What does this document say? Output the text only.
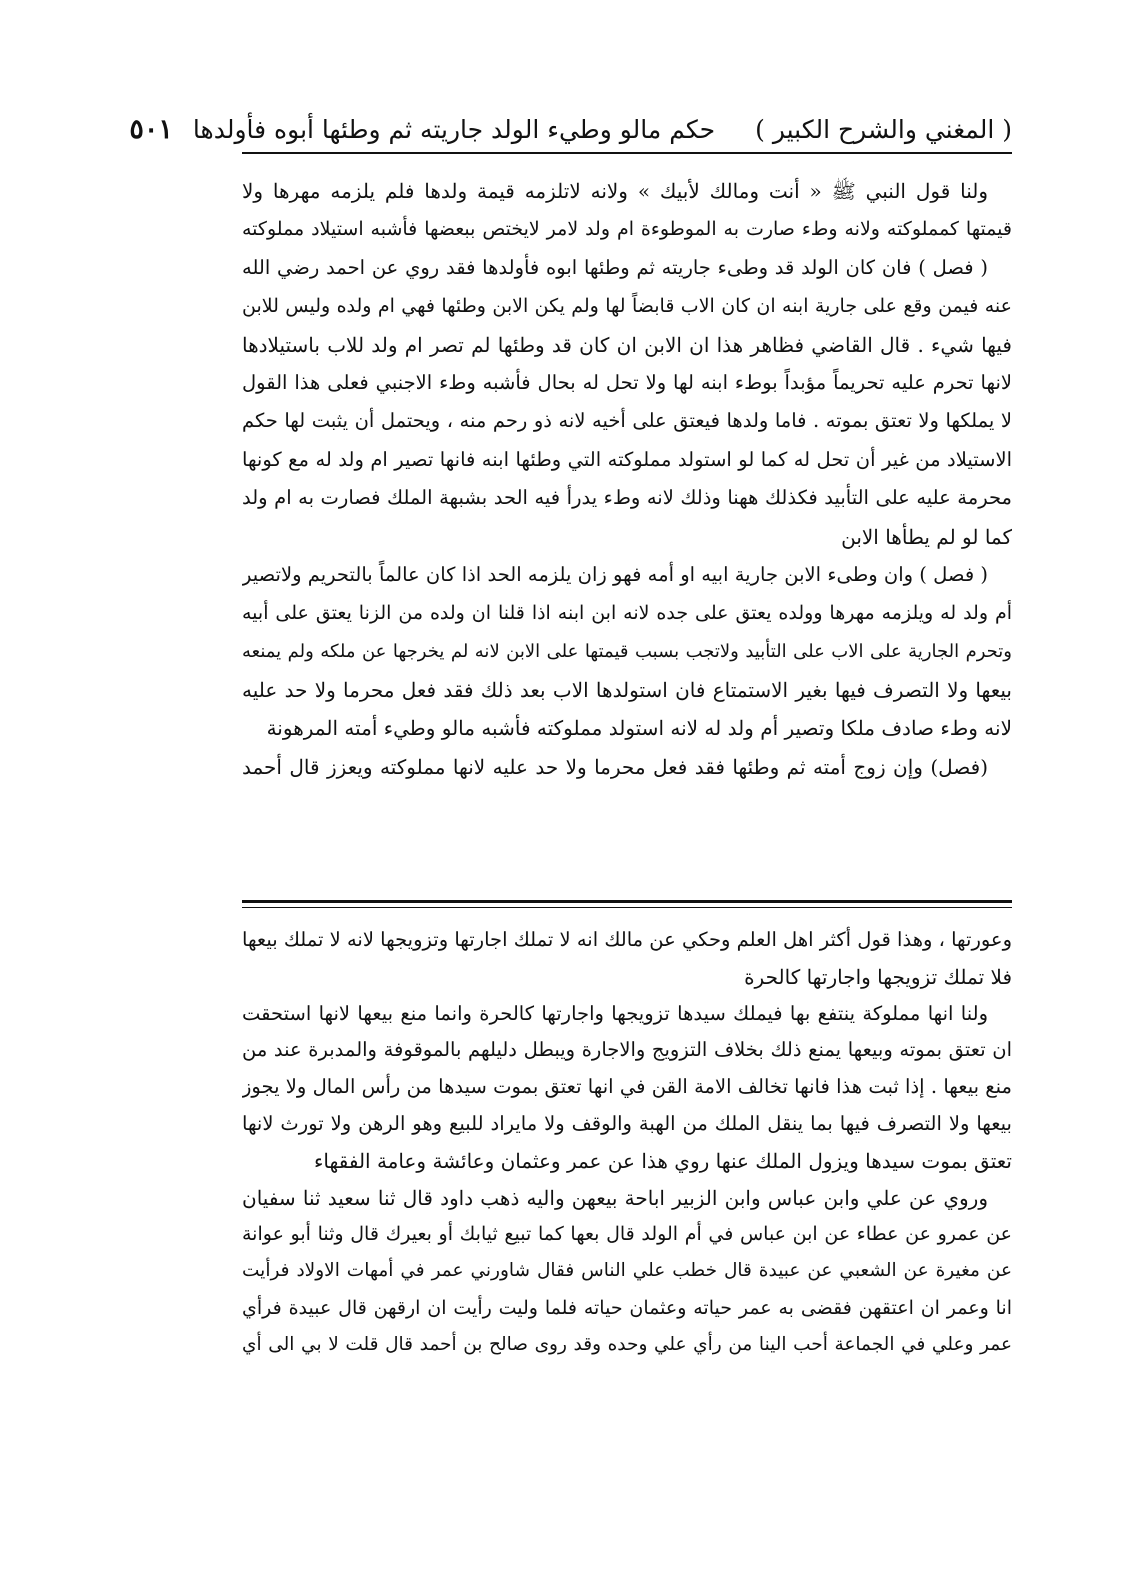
( المغني والشرح الكبير )
حكم مالو وطيء الولد جاريته ثم وطئها أبوه فأولدها
٥٠١
ولنا قول النبي ﷺ « أنت ومالك لأبيك » ولانه لاتلزمه قيمة ولدها فلم يلزمه مهرها ولا
قيمتها كمملوكته ولانه وطء صارت به الموطوءة ام ولد لامر لايختص ببعضها فأشبه استيلاد مملوكته
( فصل ) فان كان الولد قد وطىء جاريته ثم وطئها ابوه فأولدها فقد روي عن احمد رضي الله
عنه فيمن وقع على جارية ابنه ان كان الاب قابضاً لها ولم يكن الابن وطئها فهي ام ولده وليس للابن
فيها شيء . قال القاضي فظاهر هذا ان الابن ان كان قد وطئها لم تصر ام ولد للاب باستيلادها
لانها تحرم عليه تحريماً مؤبداً بوطء ابنه لها ولا تحل له بحال فأشبه وطء الاجنبي فعلى هذا القول
لا يملكها ولا تعتق بموته . فاما ولدها فيعتق على أخيه لانه ذو رحم منه ، ويحتمل أن يثبت لها حكم
الاستيلاد من غير أن تحل له كما لو استولد مملوكته التي وطئها ابنه فانها تصير ام ولد له مع كونها
محرمة عليه على التأبيد فكذلك ههنا وذلك لانه وطء يدرأ فيه الحد بشبهة الملك فصارت به ام ولد
كما لو لم يطأها الابن
( فصل ) وان وطىء الابن جارية ابيه او أمه فهو زان يلزمه الحد اذا كان عالماً بالتحريم ولاتصير
أم ولد له ويلزمه مهرها وولده يعتق على جده لانه ابن ابنه اذا قلنا ان ولده من الزنا يعتق على أبيه
وتحرم الجارية على الاب على التأبيد ولاتجب بسبب قيمتها على الابن لانه لم يخرجها عن ملكه ولم يمنعه
بيعها ولا التصرف فيها بغير الاستمتاع فان استولدها الاب بعد ذلك فقد فعل محرما ولا حد عليه
لانه وطء صادف ملكا وتصير أم ولد له لانه استولد مملوكته فأشبه مالو وطيء أمته المرهونة
(فصل) وإن زوج أمته ثم وطئها فقد فعل محرما ولا حد عليه لانها مملوكته ويعزز قال أحمد
وعورتها ، وهذا قول أكثر اهل العلم وحكي عن مالك انه لا تملك اجارتها وتزويجها لانه لا تملك بيعها
فلا تملك تزويجها واجارتها كالحرة
ولنا انها مملوكة ينتفع بها فيملك سيدها تزويجها واجارتها كالحرة وانما منع بيعها لانها استحقت
ان تعتق بموته وبيعها يمنع ذلك بخلاف التزويج والاجارة ويبطل دليلهم بالموقوفة والمدبرة عند من
منع بيعها . إذا ثبت هذا فانها تخالف الامة القن في انها تعتق بموت سيدها من رأس المال ولا يجوز
بيعها ولا التصرف فيها بما ينقل الملك من الهبة والوقف ولا مايراد للبيع وهو الرهن ولا تورث لانها
تعتق بموت سيدها ويزول الملك عنها روي هذا عن عمر وعثمان وعائشة وعامة الفقهاء
وروي عن علي وابن عباس وابن الزبير اباحة بيعهن واليه ذهب داود قال ثنا سعيد ثنا سفيان
عن عمرو عن عطاء عن ابن عباس في أم الولد قال بعها كما تبيع ثيابك أو بعيرك قال وثنا أبو عوانة
عن مغيرة عن الشعبي عن عبيدة قال خطب علي الناس فقال شاورني عمر في أمهات الاولاد فرأيت
انا وعمر ان اعتقهن فقضى به عمر حياته وعثمان حياته فلما وليت رأيت ان ارقهن قال عبيدة فرأي
عمر وعلي في الجماعة أحب الينا من رأي علي وحده وقد روى صالح بن أحمد قال قلت لا بي الى أي
